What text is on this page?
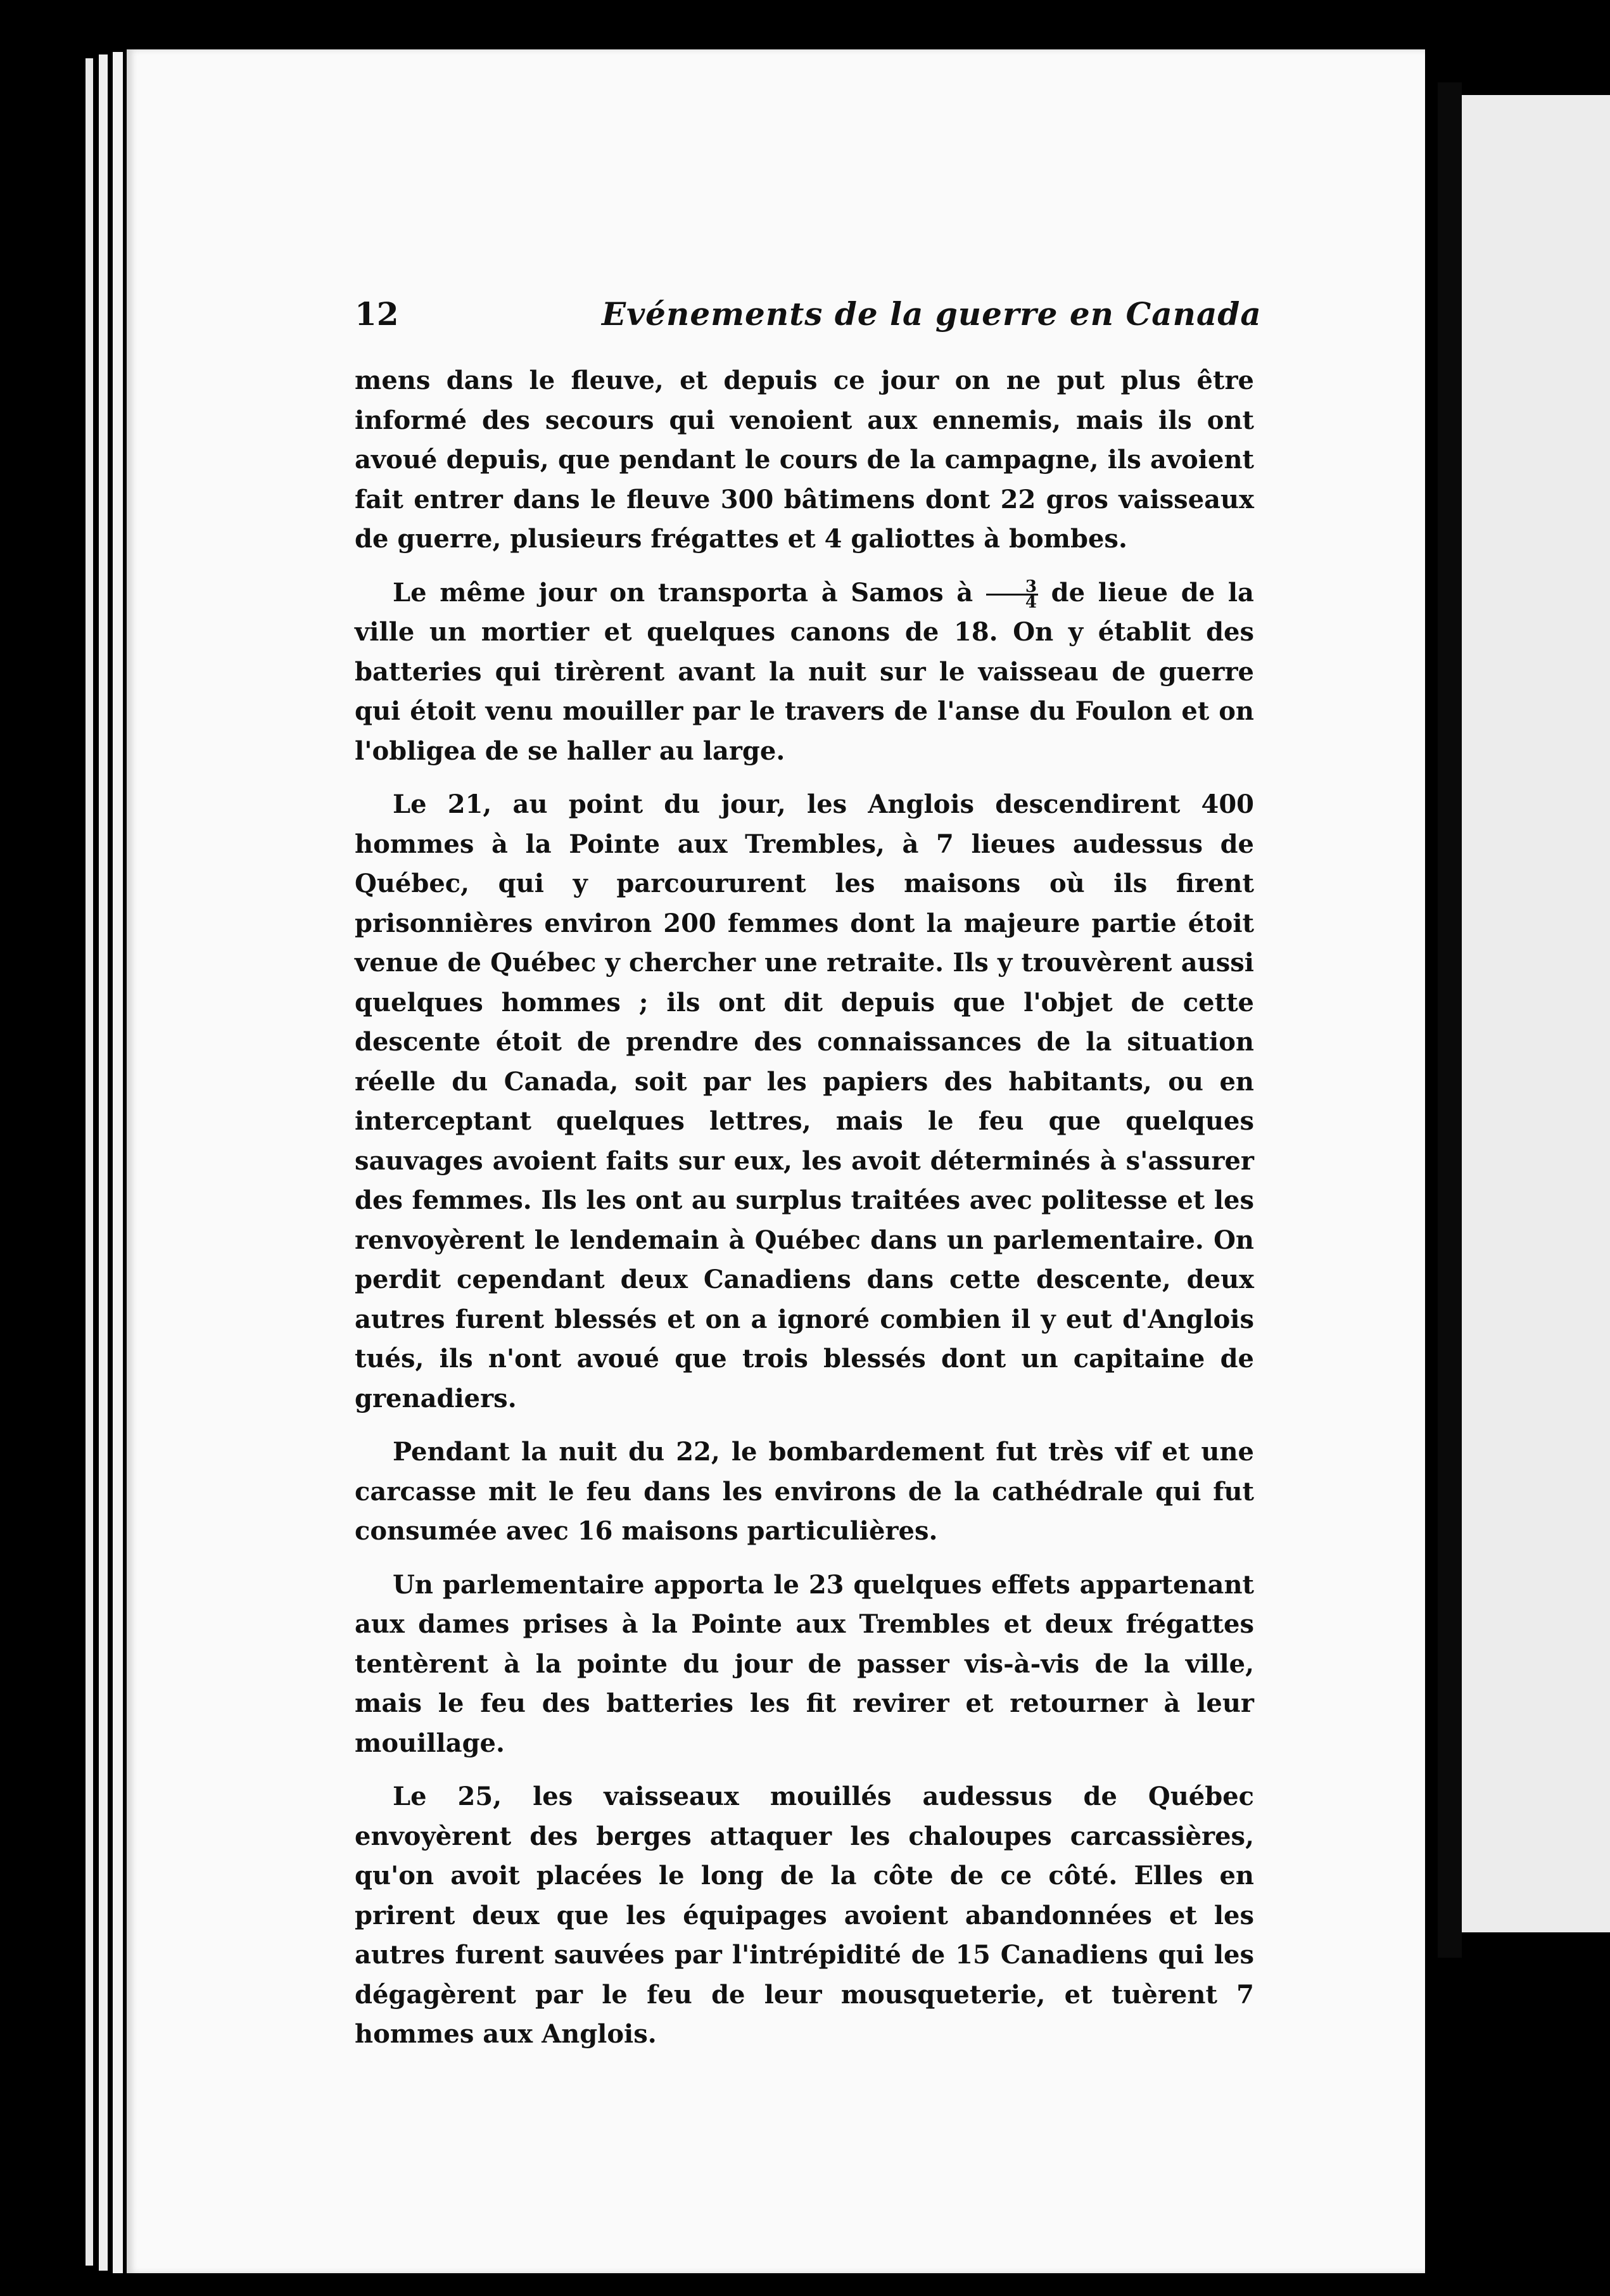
12	Evénements de la guerre en Canada

mens dans le fleuve, et depuis ce jour on ne put plus être informé des secours qui venoient aux ennemis, mais ils ont avoué depuis, que pendant le cours de la campagne, ils avoient fait entrer dans le fleuve 300 bâtimens dont 22 gros vaisseaux de guerre, plusieurs frégattes et 4 galiottes à bombes.

Le même jour on transporta à Samos à $\frac{3}{4}$ de lieue de la ville un mortier et quelques canons de 18. On y établit des batteries qui tirèrent avant la nuit sur le vaisseau de guerre qui étoit venu mouiller par le travers de l'anse du Foulon et on l'obligea de se haller au large.

Le 21, au point du jour, les Anglois descendirent 400 hommes à la Pointe aux Trembles, à 7 lieues audessus de Québec, qui y parcoururent les maisons où ils firent prisonnières environ 200 femmes dont la majeure partie étoit venue de Québec y chercher une retraite. Ils y trouvèrent aussi quelques hommes ; ils ont dit depuis que l'objet de cette descente étoit de prendre des connaissances de la situation réelle du Canada, soit par les papiers des habitants, ou en interceptant quelques lettres, mais le feu que quelques sauvages avoient faits sur eux, les avoit déterminés à s'assurer des femmes. Ils les ont au surplus traitées avec politesse et les renvoyèrent le lendemain à Québec dans un parlementaire. On perdit cependant deux Canadiens dans cette descente, deux autres furent blessés et on a ignoré combien il y eut d'Anglois tués, ils n'ont avoué que trois blessés dont un capitaine de grenadiers.

Pendant la nuit du 22, le bombardement fut très vif et une carcasse mit le feu dans les environs de la cathédrale qui fut consumée avec 16 maisons particulières.

Un parlementaire apporta le 23 quelques effets appartenant aux dames prises à la Pointe aux Trembles et deux frégattes tentèrent à la pointe du jour de passer vis-à-vis de la ville, mais le feu des batteries les fit revirer et retourner à leur mouillage.

Le 25, les vaisseaux mouillés audessus de Québec envoyèrent des berges attaquer les chaloupes carcassières, qu'on avoit placées le long de la côte de ce côté. Elles en prirent deux que les équipages avoient abandonnées et les autres furent sauvées par l'intrépidité de 15 Canadiens qui les dégagèrent par le feu de leur mousqueterie, et tuèrent 7 hommes aux Anglois.
